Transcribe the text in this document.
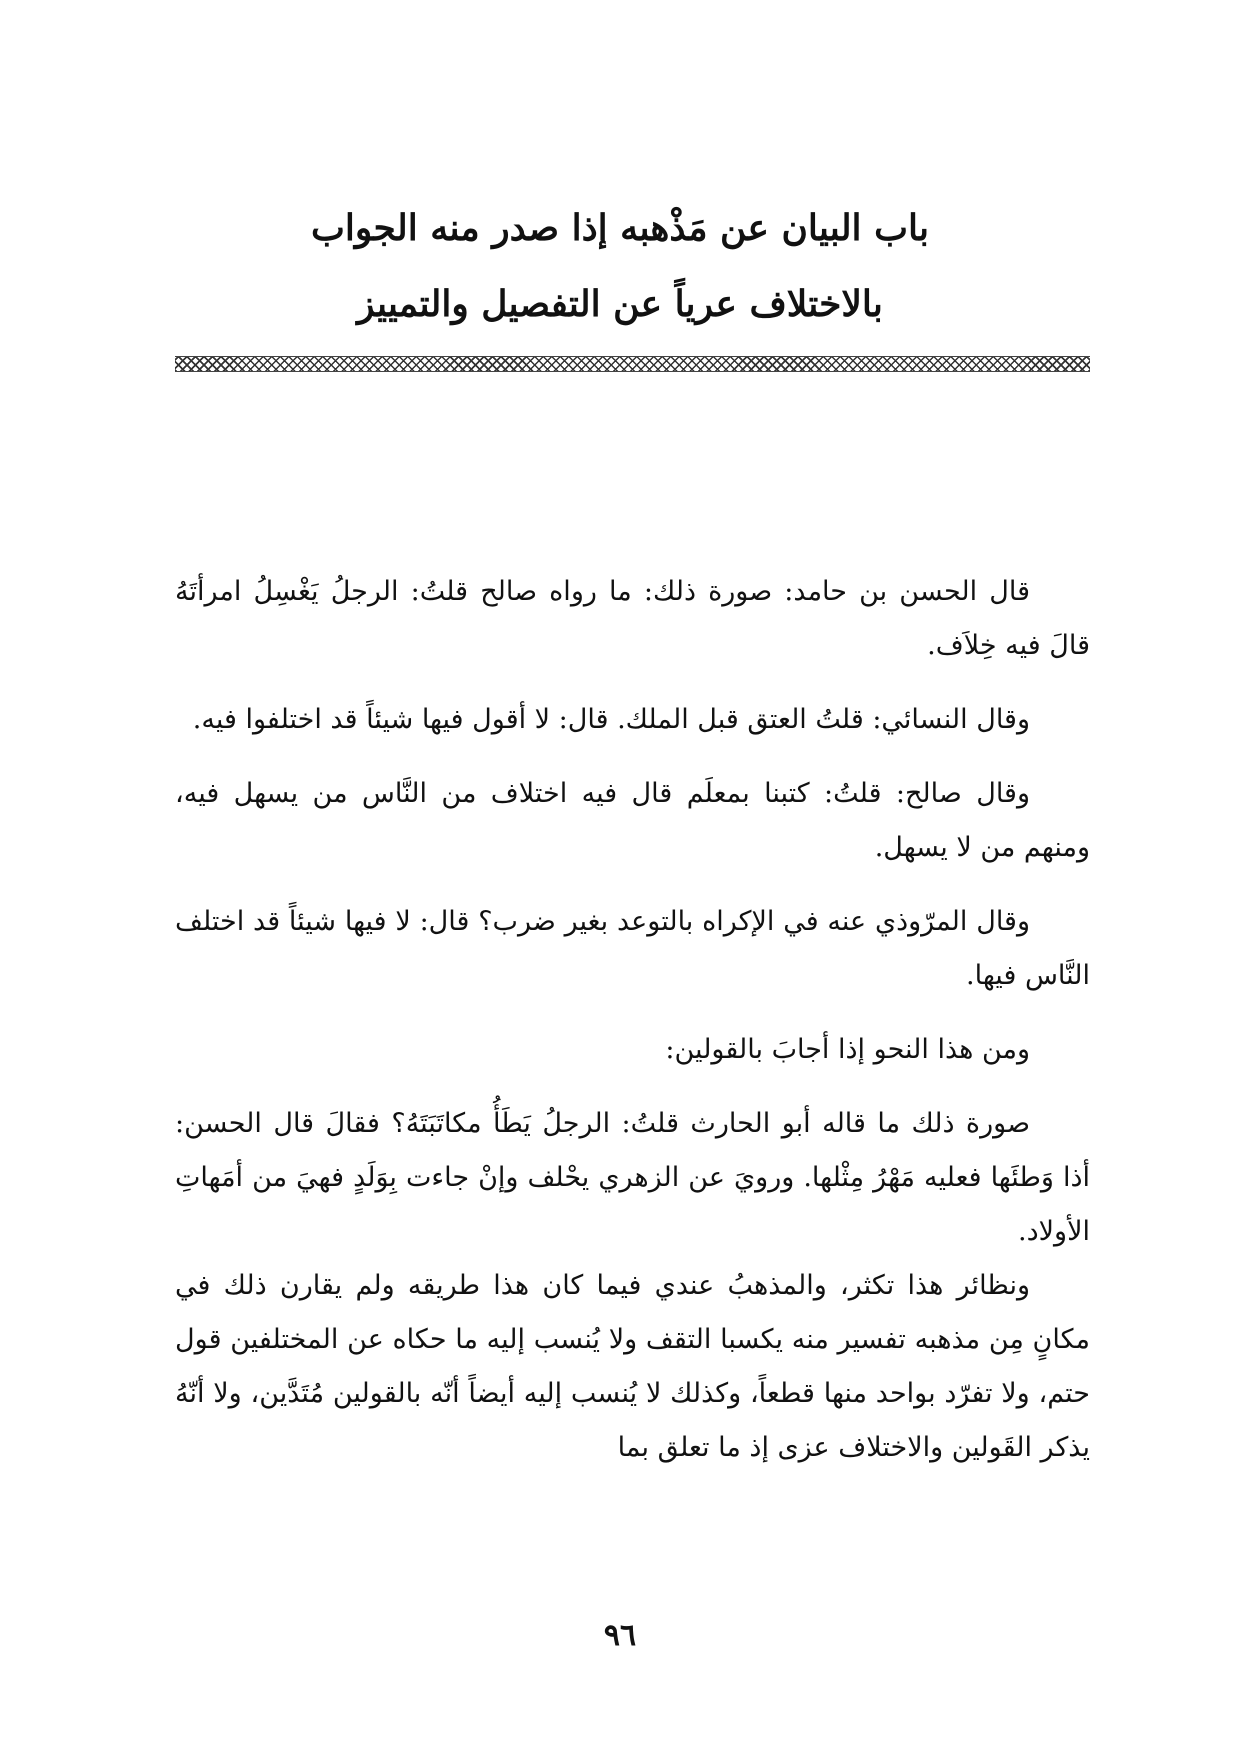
باب البيان عن مَذْهبه إذا صدر منه الجواب
بالاختلاف عرياً عن التفصيل والتمييز

قال الحسن بن حامد: صورة ذلك: ما رواه صالح قلتُ: الرجلُ يَغْسِلُ امرأتَهُ قالَ فيه خِلاَف.

وقال النسائي: قلتُ العتق قبل الملك. قال: لا أقول فيها شيئاً قد اختلفوا فيه.

وقال صالح: قلتُ: كتبنا بمعلَم قال فيه اختلاف من النَّاس من يسهل فيه، ومنهم من لا يسهل.

وقال المرّوذي عنه في الإكراه بالتوعد بغير ضرب؟ قال: لا فيها شيئاً قد اختلف النَّاس فيها.

ومن هذا النحو إذا أجابَ بالقولين:

صورة ذلك ما قاله أبو الحارث قلتُ: الرجلُ يَطَأُ مكاتَبَتَهُ؟ فقالَ قال الحسن: أذا وَطئَها فعليه مَهْرُ مِثْلها. ورويَ عن الزهري يحْلف وإنْ جاءت بِوَلَدٍ فهيَ من أمَهاتِ الأولاد.

ونظائر هذا تكثر، والمذهبُ عندي فيما كان هذا طريقه ولم يقارن ذلك في مكانٍ مِن مذهبه تفسير منه يكسبا التقف ولا يُنسب إليه ما حكاه عن المختلفين قول حتم، ولا تفرّد بواحد منها قطعاً، وكذلك لا يُنسب إليه أيضاً أنّه بالقولين مُتَدَّين، ولا أنّهُ يذكر القَولين والاختلاف عزى إذ ما تعلق بما

٩٦
